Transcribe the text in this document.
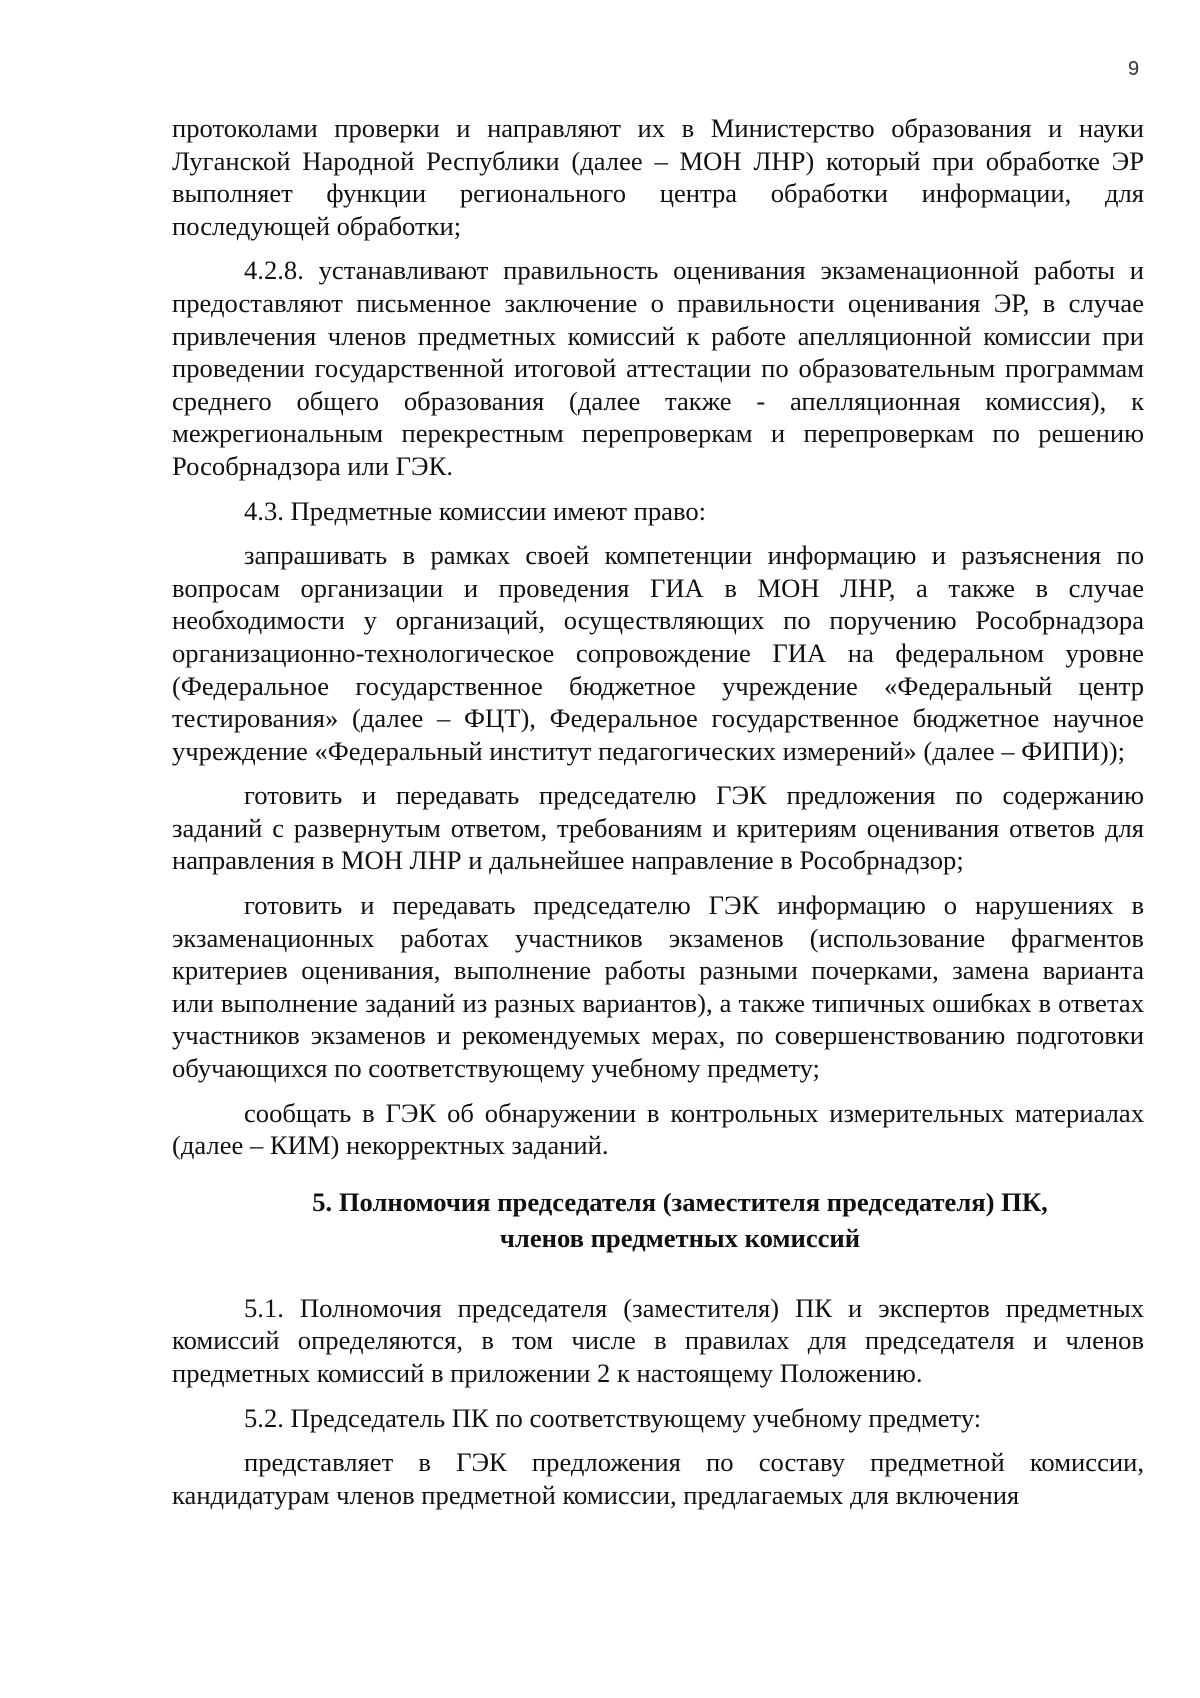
9

протоколами проверки и направляют их в Министерство образования и науки Луганской Народной Республики (далее – МОН ЛНР) который при обработке ЭР выполняет функции регионального центра обработки информации, для последующей обработки;

4.2.8. устанавливают правильность оценивания экзаменационной работы и предоставляют письменное заключение о правильности оценивания ЭР, в случае привлечения членов предметных комиссий к работе апелляционной комиссии при проведении государственной итоговой аттестации по образовательным программам среднего общего образования (далее также - апелляционная комиссия), к межрегиональным перекрестным перепроверкам и перепроверкам по решению Рособрнадзора или ГЭК.

4.3. Предметные комиссии имеют право:

запрашивать в рамках своей компетенции информацию и разъяснения по вопросам организации и проведения ГИА в МОН ЛНР, а также в случае необходимости у организаций, осуществляющих по поручению Рособрнадзора организационно-технологическое сопровождение ГИА на федеральном уровне (Федеральное государственное бюджетное учреждение «Федеральный центр тестирования» (далее – ФЦТ), Федеральное государственное бюджетное научное учреждение «Федеральный институт педагогических измерений» (далее – ФИПИ));

готовить и передавать председателю ГЭК предложения по содержанию заданий с развернутым ответом, требованиям и критериям оценивания ответов для направления в МОН ЛНР и дальнейшее направление в Рособрнадзор;

готовить и передавать председателю ГЭК информацию о нарушениях в экзаменационных работах участников экзаменов (использование фрагментов критериев оценивания, выполнение работы разными почерками, замена варианта или выполнение заданий из разных вариантов), а также типичных ошибках в ответах участников экзаменов и рекомендуемых мерах, по совершенствованию подготовки обучающихся по соответствующему учебному предмету;

сообщать в ГЭК об обнаружении в контрольных измерительных материалах (далее – КИМ) некорректных заданий.

5. Полномочия председателя (заместителя председателя) ПК,
членов предметных комиссий

5.1. Полномочия председателя (заместителя) ПК и экспертов предметных комиссий определяются, в том числе в правилах для председателя и членов предметных комиссий в приложении 2 к настоящему Положению.

5.2. Председатель ПК по соответствующему учебному предмету:

представляет в ГЭК предложения по составу предметной комиссии, кандидатурам членов предметной комиссии, предлагаемых для включения
